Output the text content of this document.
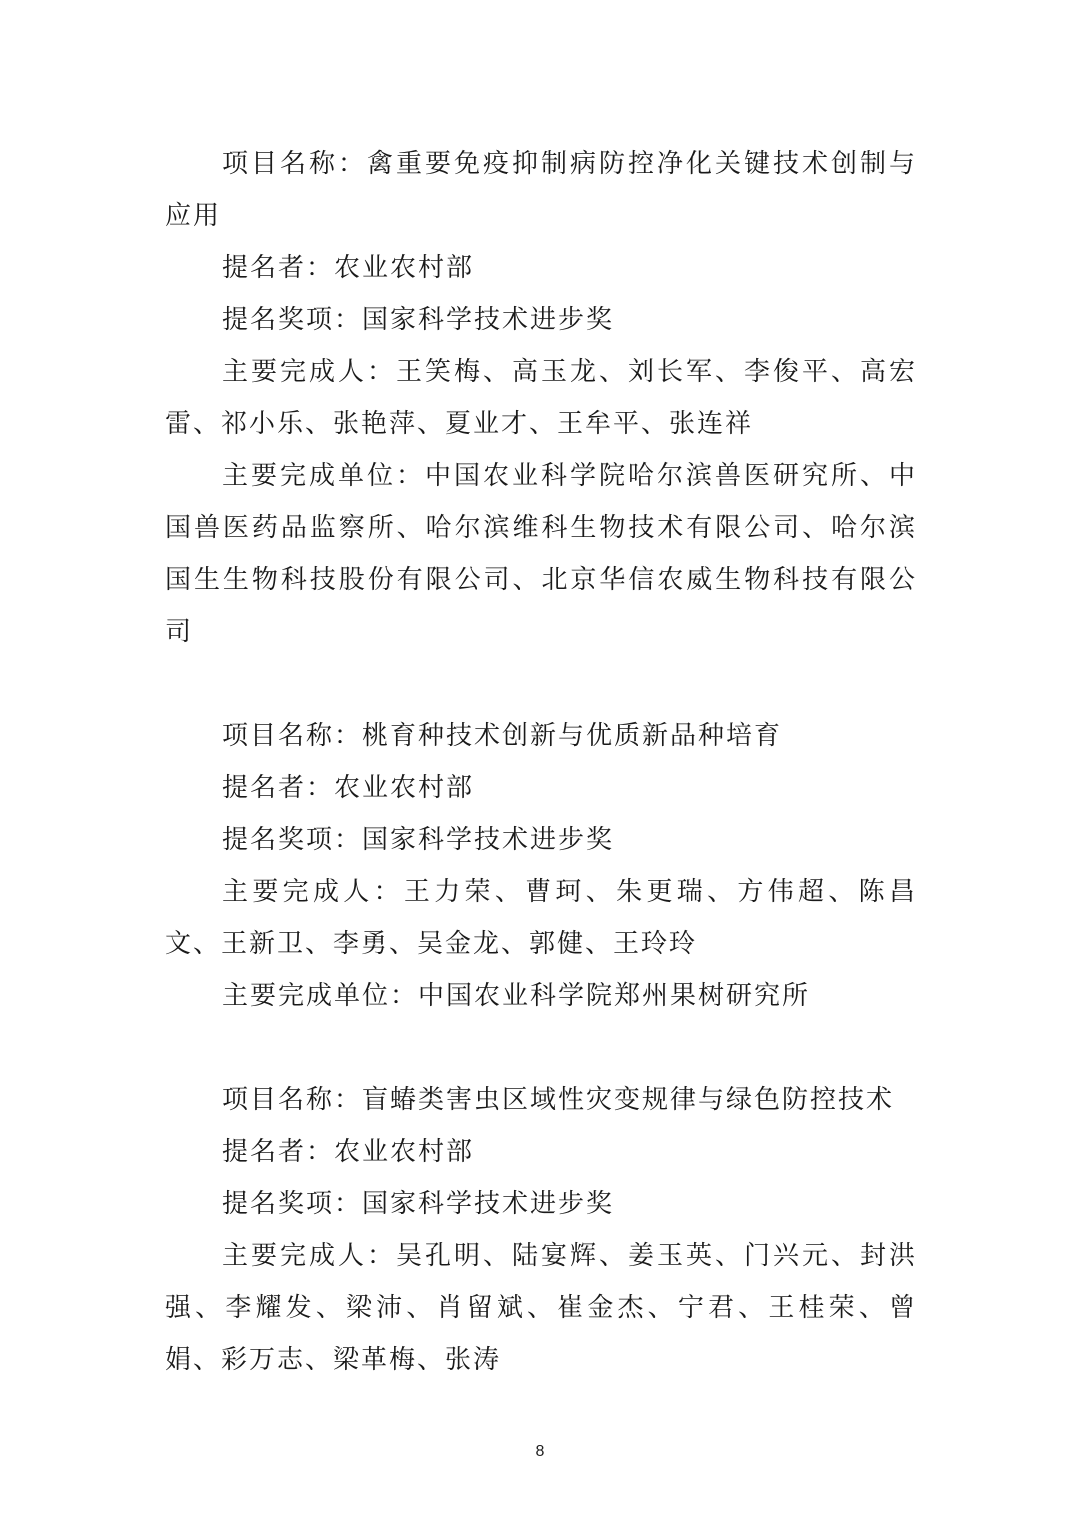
项目名称：禽重要免疫抑制病防控净化关键技术创制与应用

提名者：农业农村部

提名奖项：国家科学技术进步奖

主要完成人：王笑梅、高玉龙、刘长军、李俊平、高宏雷、祁小乐、张艳萍、夏业才、王牟平、张连祥

主要完成单位：中国农业科学院哈尔滨兽医研究所、中国兽医药品监察所、哈尔滨维科生物技术有限公司、哈尔滨国生生物科技股份有限公司、北京华信农威生物科技有限公司

项目名称：桃育种技术创新与优质新品种培育

提名者：农业农村部

提名奖项：国家科学技术进步奖

主要完成人：王力荣、曹珂、朱更瑞、方伟超、陈昌文、王新卫、李勇、吴金龙、郭健、王玲玲

主要完成单位：中国农业科学院郑州果树研究所

项目名称：盲蝽类害虫区域性灾变规律与绿色防控技术

提名者：农业农村部

提名奖项：国家科学技术进步奖

主要完成人：吴孔明、陆宴辉、姜玉英、门兴元、封洪强、李耀发、梁沛、肖留斌、崔金杰、宁君、王桂荣、曾娟、彩万志、梁革梅、张涛

8
